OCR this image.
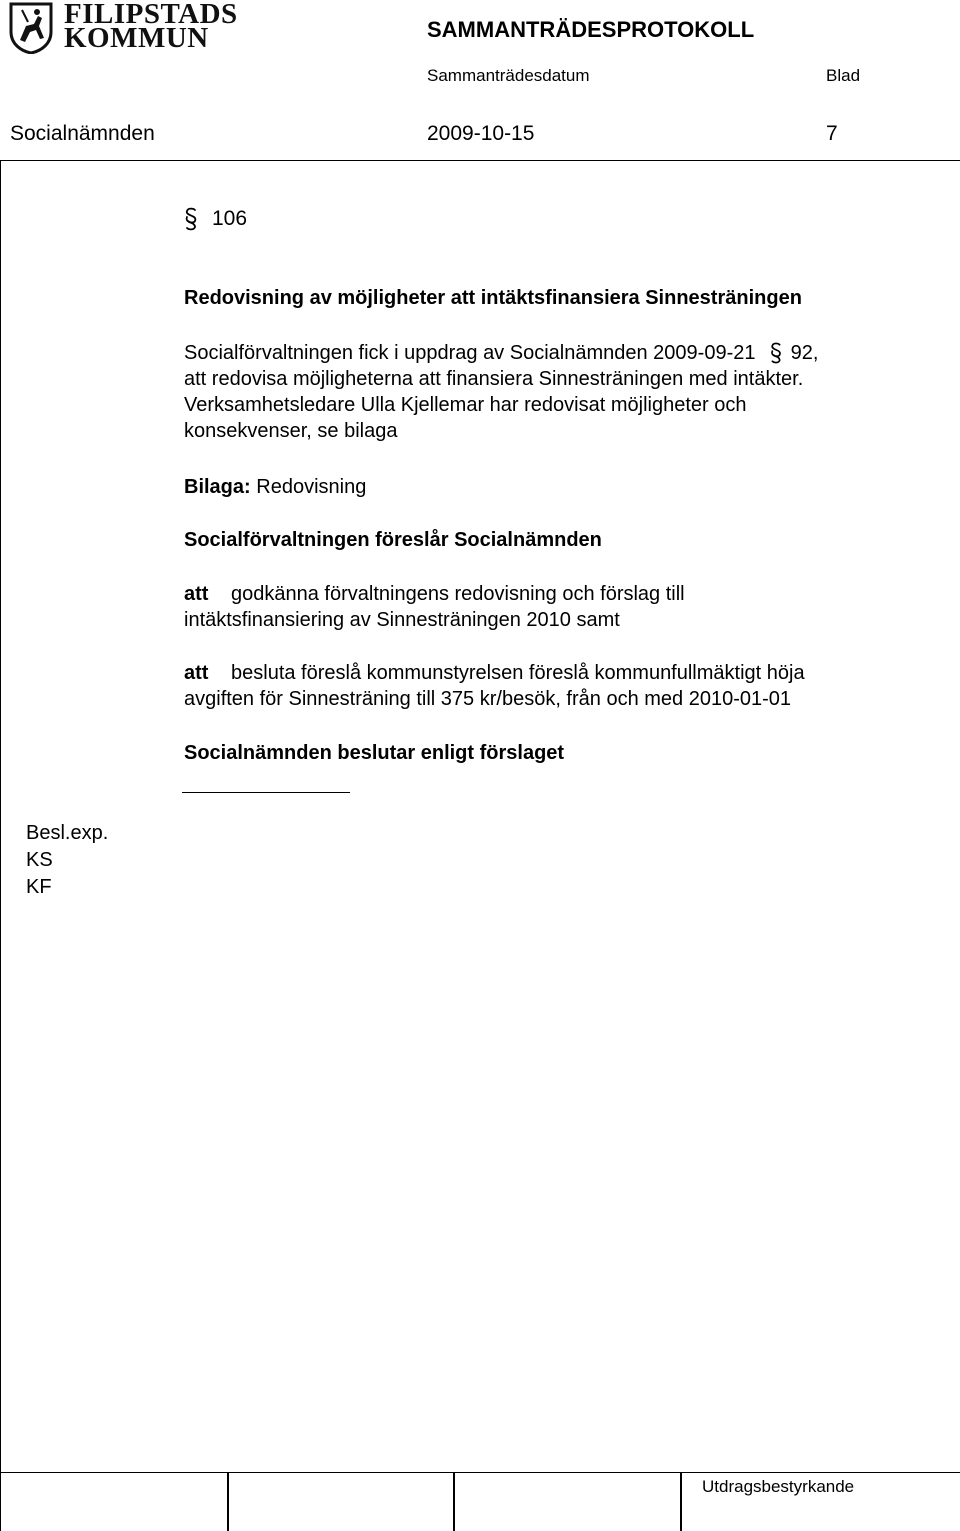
FILIPSTADS
KOMMUN	SAMMANTRÄDESPROTOKOLL
Sammanträdesdatum	Blad
Socialnämnden	2009-10-15	7
106
Redovisning av möjligheter att intäktsfinansiera Sinnesträningen
Socialförvaltningen fick i uppdrag av Socialnämnden 2009-09-21 92,
att redovisa möjligheterna att finansiera Sinnesträningen med intäkter.
Verksamhetsledare Ulla Kjellemar har redovisat möjligheter och
konsekvenser, se bilaga
Bilaga: Redovisning
Socialförvaltningen föreslår Socialnämnden
att godkänna förvaltningens redovisning och förslag till
intäktsfinansiering av Sinnesträningen 2010 samt
att besluta föreslå kommunstyrelsen föreslå kommunfullmäktigt höja
avgiften för Sinnesträning till 375 kr/besök, från och med 2010-01-01
Socialnämnden beslutar enligt förslaget
Besl.exp.
KS
KF
Utdragsbestyrkande
